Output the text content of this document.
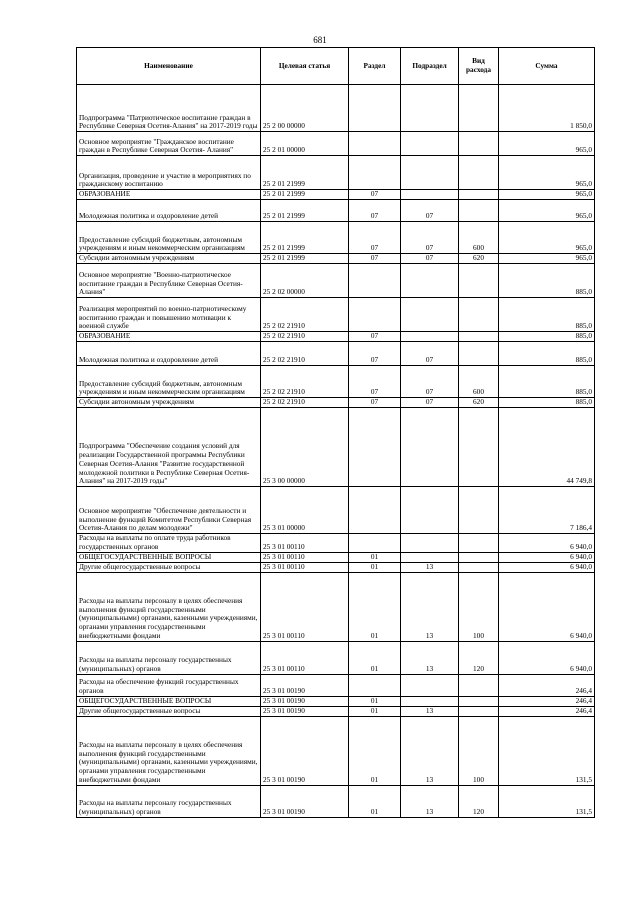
681
Наименование	Целевая статья	Раздел	Подраздел	Вид расхода	Сумма
Подпрограмма "Патриотическое воспитание граждан в Республике Северная Осетия-Алания" на 2017-2019 годы	25 2 00 00000				1 850,0
Основное мероприятие "Гражданское воспитание граждан в Республике Северная Осетия- Алания"	25 2 01 00000				965,0
Организация, проведение и участие в мероприятиях по гражданскому воспитанию	25 2 01 21999				965,0
ОБРАЗОВАНИЕ	25 2 01 21999	07			965,0
Молодежная политика и оздоровление детей	25 2 01 21999	07	07		965,0
Предоставление субсидий бюджетным, автономным учреждениям и иным некоммерческим организациям	25 2 01 21999	07	07	600	965,0
Субсидии автономным учреждениям	25 2 01 21999	07	07	620	965,0
Основное мероприятие "Военно-патриотическое воспитание граждан в Республике Северная Осетия- Алания"	25 2 02 00000				885,0
Реализация мероприятий по военно-патриотическому воспитанию граждан и повышению мотивации к военной службе	25 2 02 21910				885,0
ОБРАЗОВАНИЕ	25 2 02 21910	07			885,0
Молодежная политика и оздоровление детей	25 2 02 21910	07	07		885,0
Предоставление субсидий бюджетным, автономным учреждениям и иным некоммерческим организациям	25 2 02 21910	07	07	600	885,0
Субсидии автономным учреждениям	25 2 02 21910	07	07	620	885,0
Подпрограмма "Обеспечение создания условий для реализации Государственной программы Республики Северная Осетия-Алания "Развитие государственной молодежной политики в Республике Северная Осетия-Алания" на 2017-2019 годы"	25 3 00 00000				44 749,8
Основное мероприятие "Обеспечение деятельности и выполнение функций Комитетом Республики Северная Осетия-Алания по делам молодежи"	25 3 01 00000				7 186,4
Расходы на выплаты по оплате труда работников государственных органов	25 3 01 00110				6 940,0
ОБЩЕГОСУДАРСТВЕННЫЕ ВОПРОСЫ	25 3 01 00110	01			6 940,0
Другие общегосударственные вопросы	25 3 01 00110	01	13		6 940,0
Расходы на выплаты персоналу в целях обеспечения выполнения функций государственными (муниципальными) органами, казенными учреждениями, органами управления государственными внебюджетными фондами	25 3 01 00110	01	13	100	6 940,0
Расходы на выплаты персоналу государственных (муниципальных) органов	25 3 01 00110	01	13	120	6 940,0
Расходы на обеспечение функций государственных органов	25 3 01 00190				246,4
ОБЩЕГОСУДАРСТВЕННЫЕ ВОПРОСЫ	25 3 01 00190	01			246,4
Другие общегосударственные вопросы	25 3 01 00190	01	13		246,4
Расходы на выплаты персоналу в целях обеспечения выполнения функций государственными (муниципальными) органами, казенными учреждениями, органами управления государственными внебюджетными фондами	25 3 01 00190	01	13	100	131,5
Расходы на выплаты персоналу государственных (муниципальных) органов	25 3 01 00190	01	13	120	131,5
